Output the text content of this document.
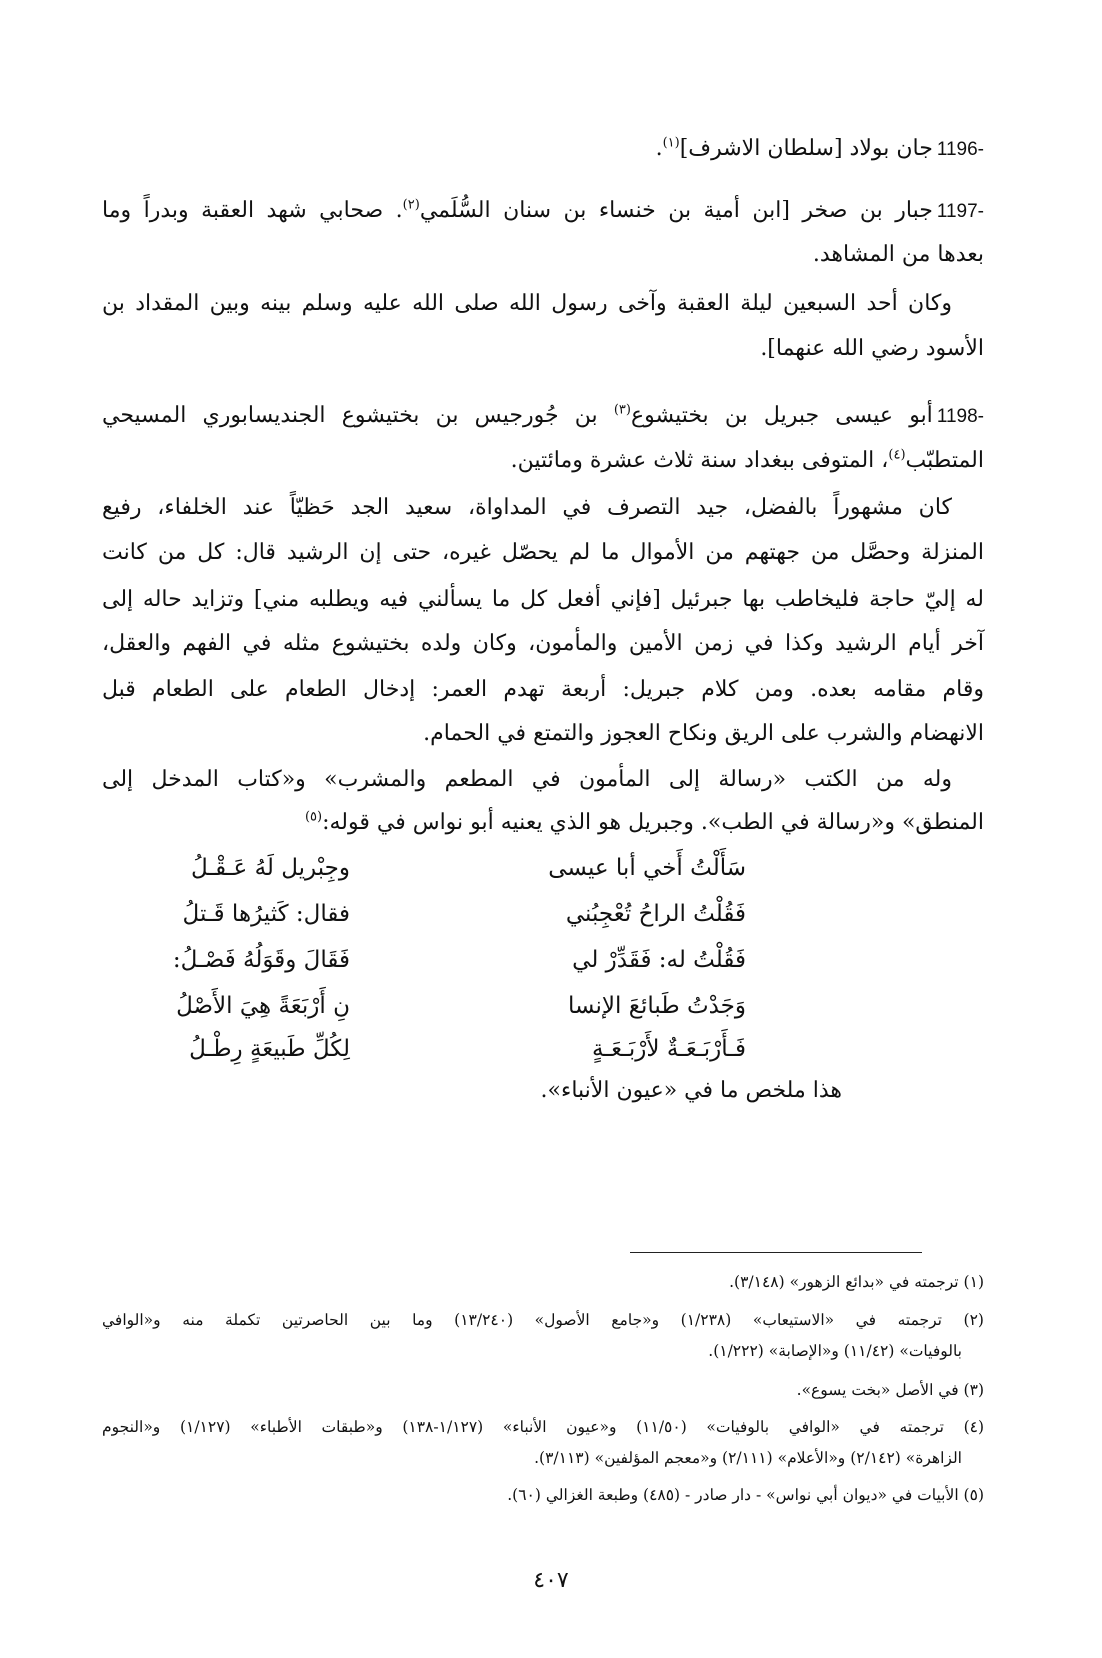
1196-جان بولاد [سلطان الاشرف]$^{(١)}$.
1197-جبار بن صخر [ابن أمية بن خنساء بن سنان السُّلَمي$^{(٢)}$. صحابي شهد العقبة وبدراً وما
بعدها من المشاهد.
وكان أحد السبعين ليلة العقبة وآخى رسول الله صلى الله عليه وسلم بينه وبين المقداد بن
الأسود رضي الله عنهما].
1198-أبو عيسى جبريل بن بختيشوع$^{(٣)}$ بن جُورجيس بن بختيشوع الجنديسابوري المسيحي
المتطبّب$^{(٤)}$، المتوفى ببغداد سنة ثلاث عشرة ومائتين.
كان مشهوراً بالفضل، جيد التصرف في المداواة، سعيد الجد حَظيّاً عند الخلفاء، رفيع
المنزلة وحصَّل من جهتهم من الأموال ما لم يحصّل غيره، حتى إن الرشيد قال: كل من كانت
له إليّ حاجة فليخاطب بها جبرئيل [فإني أفعل كل ما يسألني فيه ويطلبه مني] وتزايد حاله إلى
آخر أيام الرشيد وكذا في زمن الأمين والمأمون، وكان ولده بختيشوع مثله في الفهم والعقل،
وقام مقامه بعده. ومن كلام جبريل: أربعة تهدم العمر: إدخال الطعام على الطعام قبل
الانهضام والشرب على الريق ونكاح العجوز والتمتع في الحمام.
وله من الكتب «رسالة إلى المأمون في المطعم والمشرب» و«كتاب المدخل إلى
المنطق» و«رسالة في الطب». وجبريل هو الذي يعنيه أبو نواس في قوله:$^{(٥)}$
سَأَلْتُ أَخي أبا عيسى
وجِبْريل لَهُ عَـقْـلُ
فَقُلْتُ الراحُ تُعْجِبُني
فقال: كَثيرُها قَـتلُ
فَقُلْتُ له: فَقَدِّرْ لي
فَقَالَ وقَوَلُهُ فَصْـلُ:
وَجَدْتُ طَبائعَ الإنسا
نِ أَرْبَعَةً هِيَ الأَصْلُ
فَـأَرْبَـعَـةٌ لأَرْبَـعَـةٍ
لِكُلِّ طَبيعَةٍ رِطْـلُ
هذا ملخص ما في «عيون الأنباء».
(١) ترجمته في «بدائع الزهور» (٣/١٤٨).
(٢) ترجمته في «الاستيعاب» (١/٢٣٨) و«جامع الأصول» (١٣/٢٤٠) وما بين الحاصرتين تكملة منه و«الوافي
بالوفيات» (١١/٤٢) و«الإصابة» (١/٢٢٢).
(٣) في الأصل «بخت يسوع».
(٤) ترجمته في «الوافي بالوفيات» (١١/٥٠) و«عيون الأنباء» (١/١٢٧-١٣٨) و«طبقات الأطباء» (١/١٢٧) و«النجوم
الزاهرة» (٢/١٤٢) و«الأعلام» (٢/١١١) و«معجم المؤلفين» (٣/١١٣).
(٥) الأبيات في «ديوان أبي نواس» - دار صادر - (٤٨٥) وطبعة الغزالي (٦٠).
٤٠٧
